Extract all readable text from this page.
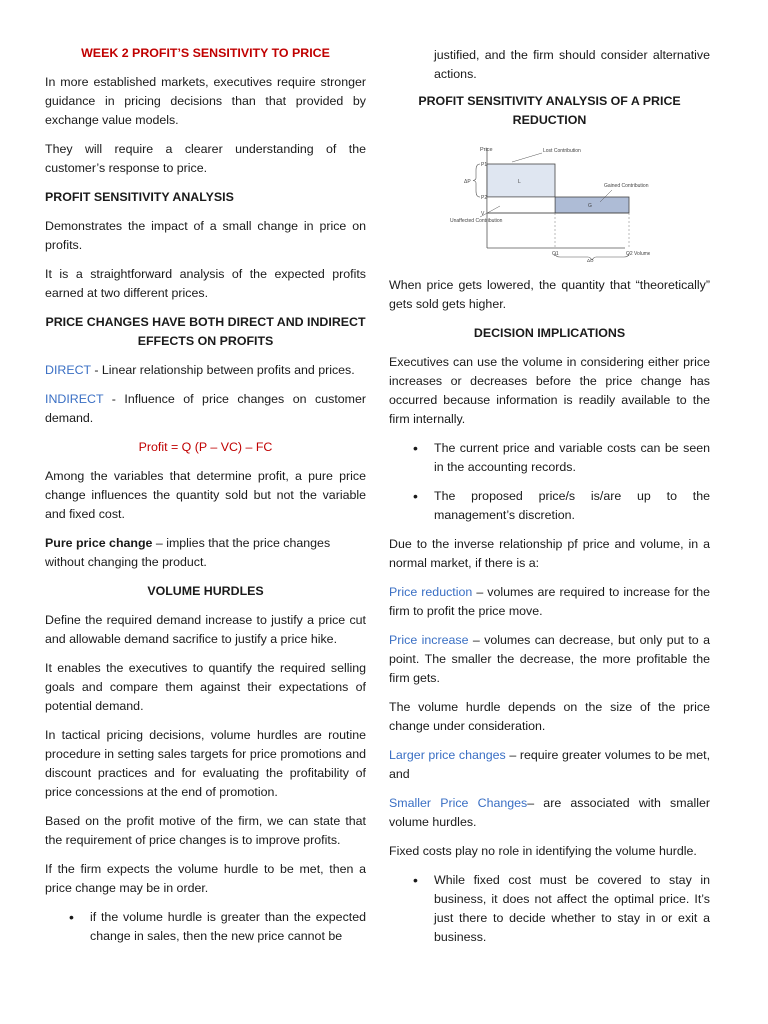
WEEK 2 PROFIT’S SENSITIVITY TO PRICE

In more established markets, executives require stronger guidance in pricing decisions than that provided by exchange value models.

They will require a clearer understanding of the customer’s response to price.

PROFIT SENSITIVITY ANALYSIS

Demonstrates the impact of a small change in price on profits.

It is a straightforward analysis of the expected profits earned at two different prices.

PRICE CHANGES HAVE BOTH DIRECT AND INDIRECT EFFECTS ON PROFITS

DIRECT - Linear relationship between profits and prices.

INDIRECT - Influence of price changes on customer demand.

Profit = Q (P – VC) – FC

Among the variables that determine profit, a pure price change influences the quantity sold but not the variable and fixed cost.

Pure price change – implies that the price changes without changing the product.

VOLUME HURDLES

Define the required demand increase to justify a price cut and allowable demand sacrifice to justify a price hike.

It enables the executives to quantify the required selling goals and compare them against their expectations of potential demand.

In tactical pricing decisions, volume hurdles are routine procedure in setting sales targets for price promotions and discount practices and for evaluating the profitability of price concessions at the end of promotion.

Based on the profit motive of the firm, we can state that the requirement of price changes is to improve profits.

If the firm expects the volume hurdle to be met, then a price change may be in order.

• if the volume hurdle is greater than the expected change in sales, then the new price cannot be
justified, and the firm should consider alternative actions.

PROFIT SENSITIVITY ANALYSIS OF A PRICE REDUCTION

Price	Lost Contribution
Gained Contribution
Unaffected Contribution
P1
P2
V
ΔP	L
G
Q1	Q2 Volume
ΔQ

When price gets lowered, the quantity that “theoretically” gets sold gets higher.

DECISION IMPLICATIONS

Executives can use the volume in considering either price increases or decreases before the price change has occurred because information is readily available to the firm internally.

• The current price and variable costs can be seen in the accounting records.
• The proposed price/s is/are up to the management’s discretion.

Due to the inverse relationship pf price and volume, in a normal market, if there is a:

Price reduction – volumes are required to increase for the firm to profit the price move.

Price increase – volumes can decrease, but only put to a point. The smaller the decrease, the more profitable the firm gets.

The volume hurdle depends on the size of the price change under consideration.

Larger price changes – require greater volumes to be met, and

Smaller Price Changes– are associated with smaller volume hurdles.

Fixed costs play no role in identifying the volume hurdle.

• While fixed cost must be covered to stay in business, it does not affect the optimal price. It’s just there to decide whether to stay in or exit a business.
